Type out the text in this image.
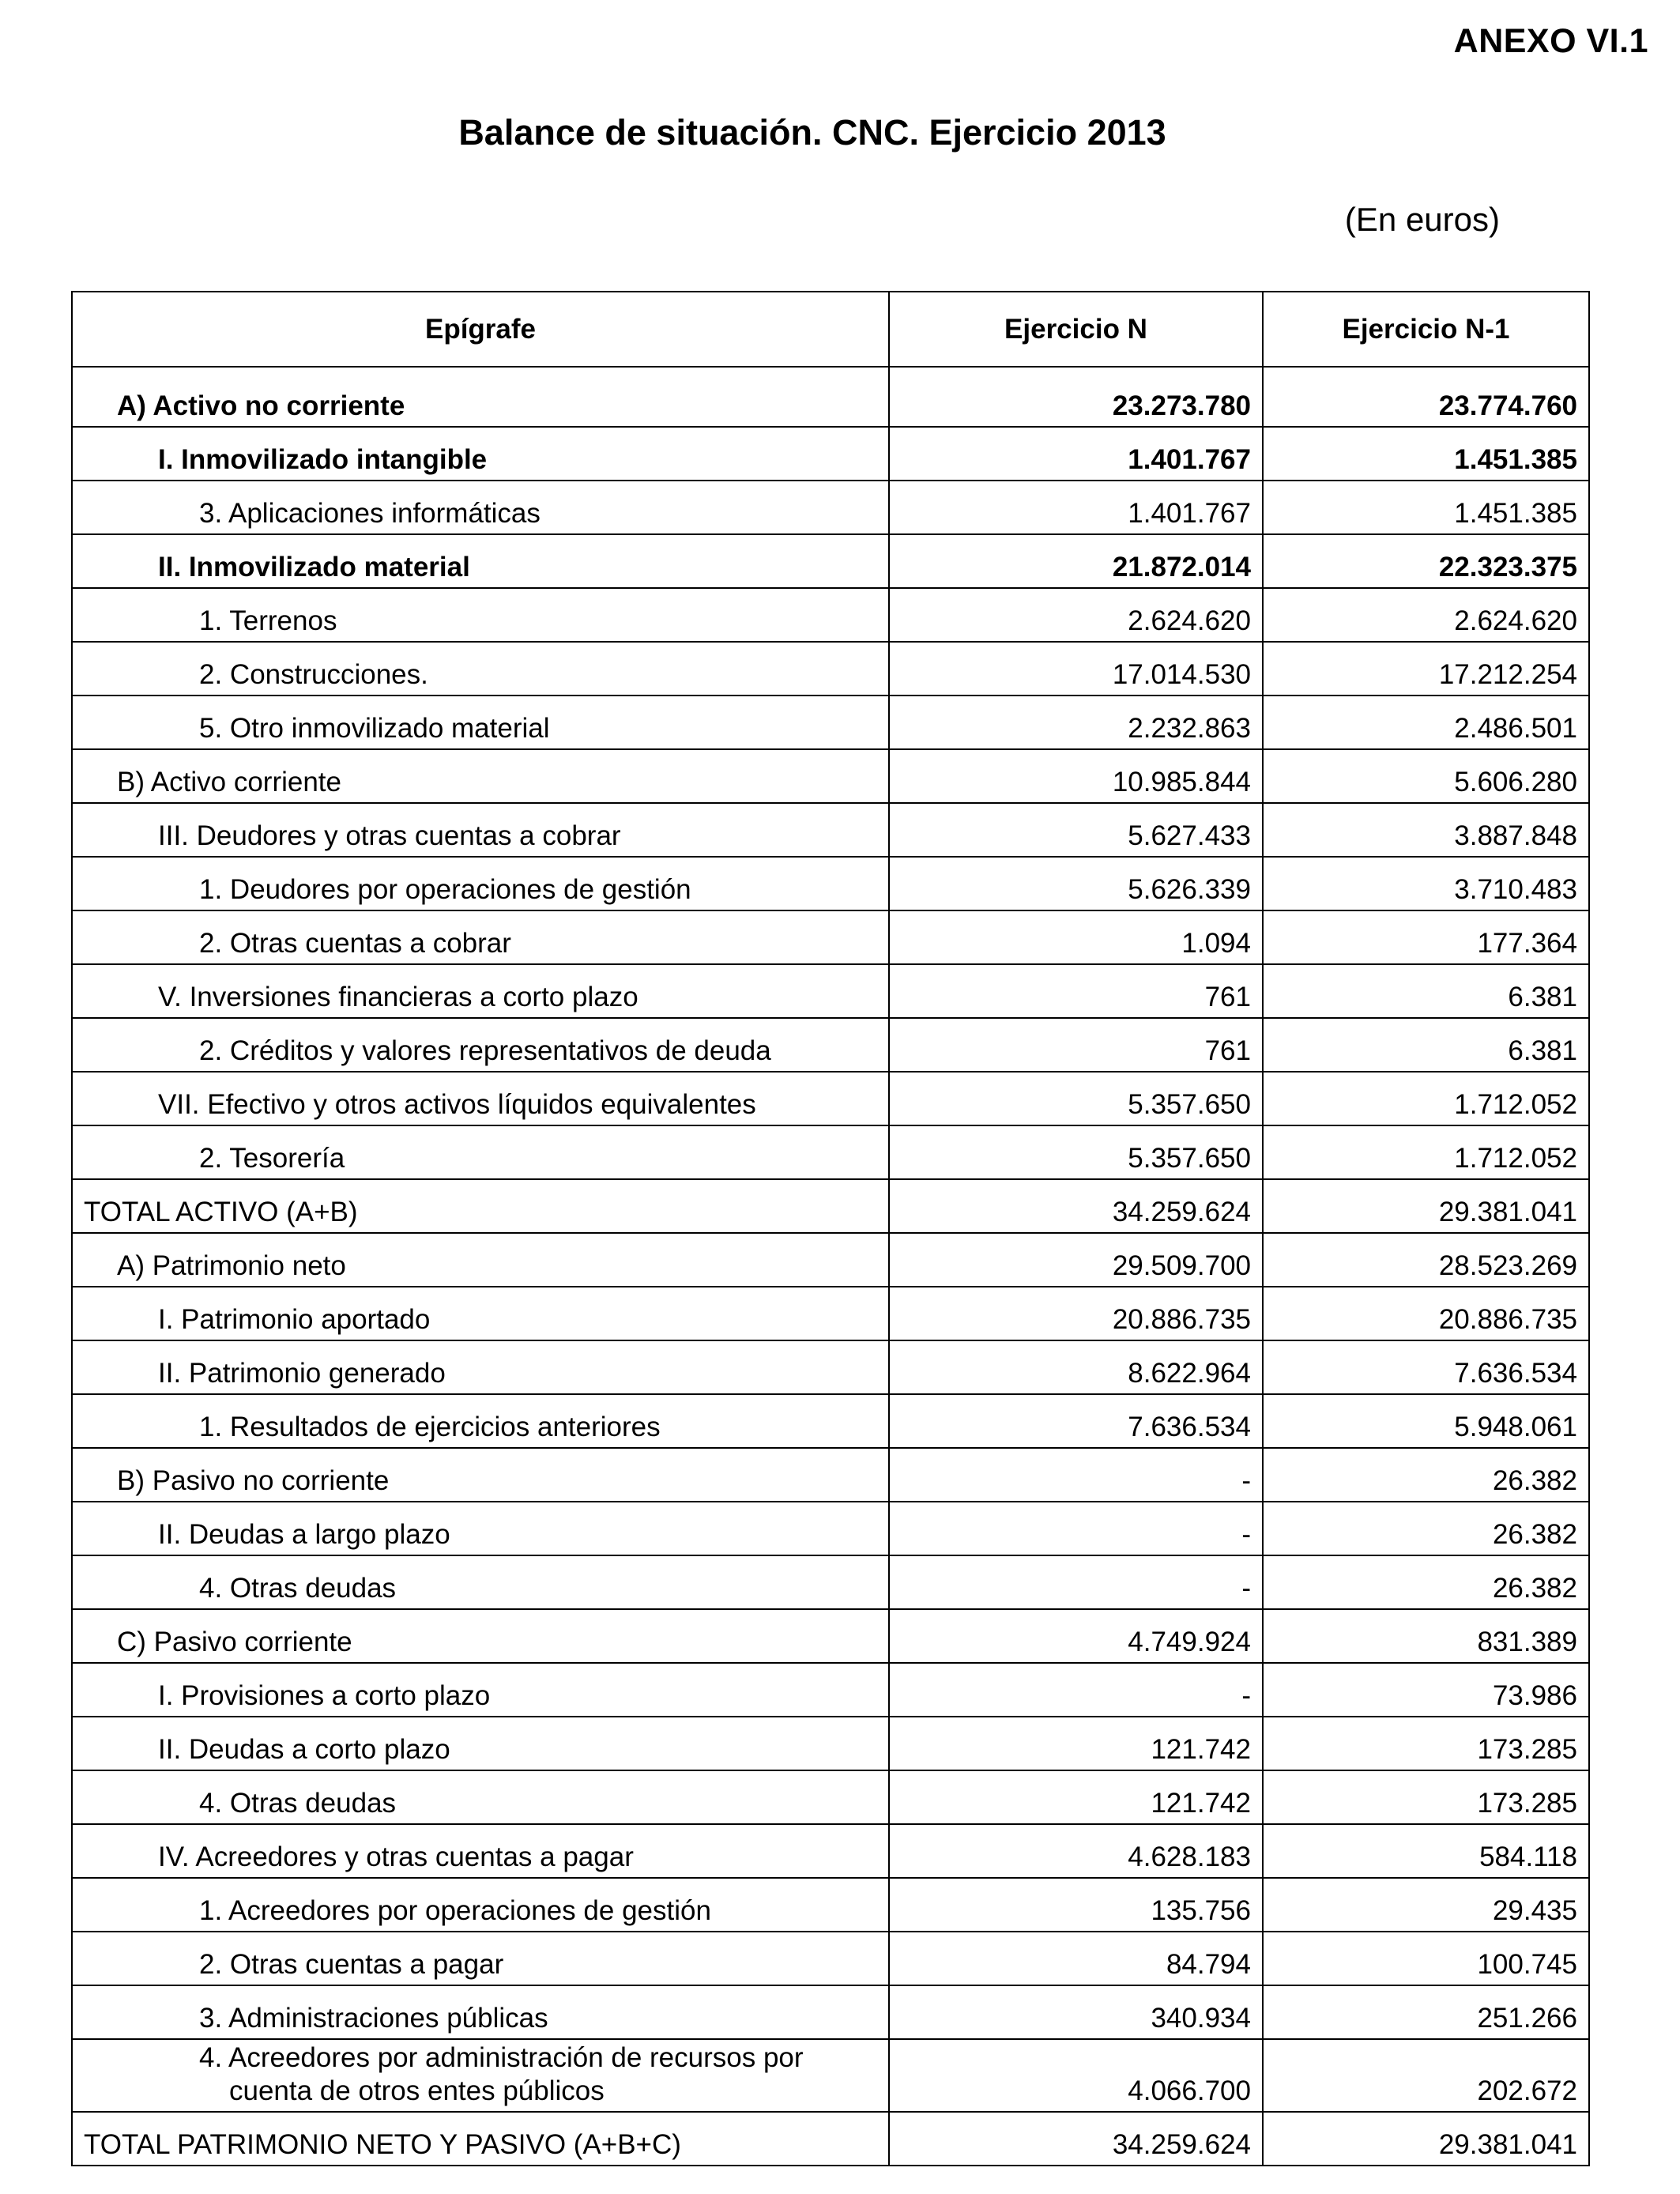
ANEXO VI.1
Balance de situación. CNC. Ejercicio 2013
(En euros)
Epígrafe	Ejercicio N	Ejercicio N-1
A) Activo no corriente	23.273.780	23.774.760
I. Inmovilizado intangible	1.401.767	1.451.385
3. Aplicaciones informáticas	1.401.767	1.451.385
II. Inmovilizado material	21.872.014	22.323.375
1. Terrenos	2.624.620	2.624.620
2. Construcciones.	17.014.530	17.212.254
5. Otro inmovilizado material	2.232.863	2.486.501
B) Activo corriente	10.985.844	5.606.280
III. Deudores y otras cuentas a cobrar	5.627.433	3.887.848
1. Deudores por operaciones de gestión	5.626.339	3.710.483
2. Otras cuentas a cobrar	1.094	177.364
V. Inversiones financieras a corto plazo	761	6.381
2. Créditos y valores representativos de deuda	761	6.381
VII. Efectivo y otros activos líquidos equivalentes	5.357.650	1.712.052
2. Tesorería	5.357.650	1.712.052
TOTAL ACTIVO (A+B)	34.259.624	29.381.041
A) Patrimonio neto	29.509.700	28.523.269
I. Patrimonio aportado	20.886.735	20.886.735
II. Patrimonio generado	8.622.964	7.636.534
1. Resultados de ejercicios anteriores	7.636.534	5.948.061
B) Pasivo no corriente	-	26.382
II. Deudas a largo plazo	-	26.382
4. Otras deudas	-	26.382
C) Pasivo corriente	4.749.924	831.389
I. Provisiones a corto plazo	-	73.986
II. Deudas a corto plazo	121.742	173.285
4. Otras deudas	121.742	173.285
IV. Acreedores y otras cuentas a pagar	4.628.183	584.118
1. Acreedores por operaciones de gestión	135.756	29.435
2. Otras cuentas a pagar	84.794	100.745
3. Administraciones públicas	340.934	251.266

4. Acreedores por administración de recursos por
cuenta de otros entes públicos	4.066.700	202.672
TOTAL PATRIMONIO NETO Y PASIVO (A+B+C)	34.259.624	29.381.041
